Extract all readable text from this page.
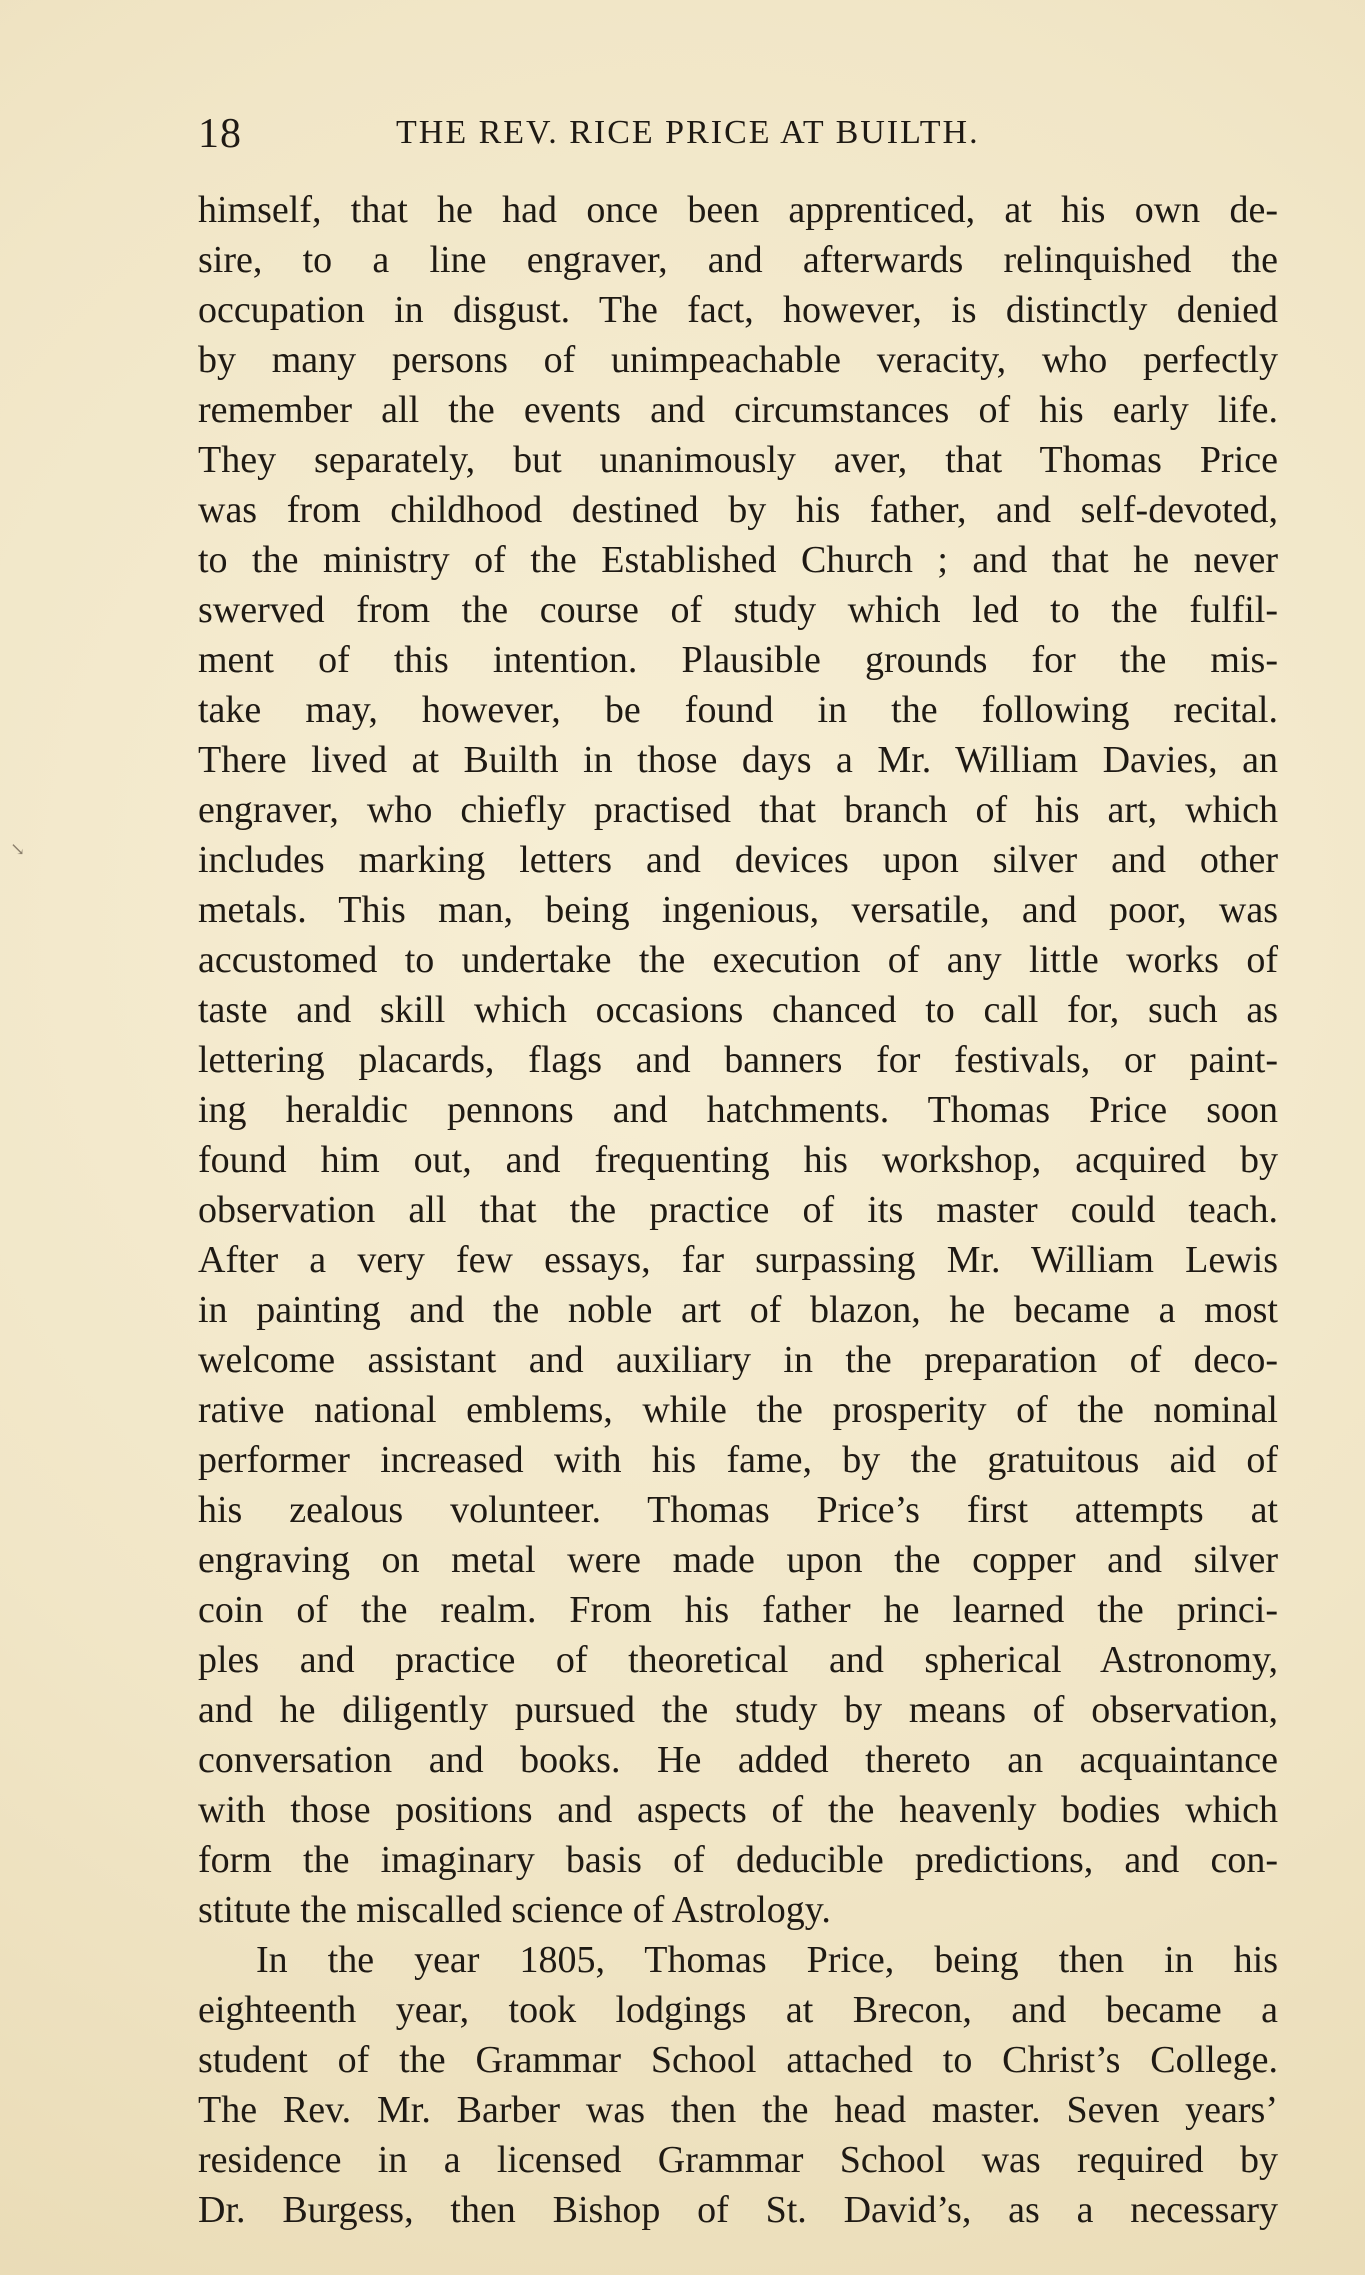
18	THE REV. RICE PRICE AT BUILTH.
↘
himself, that he had once been apprenticed, at his own de-
sire, to a line engraver, and afterwards relinquished the
occupation in disgust. The fact, however, is distinctly denied
by many persons of unimpeachable veracity, who perfectly
remember all the events and circumstances of his early life.
They separately, but unanimously aver, that Thomas Price
was from childhood destined by his father, and self-devoted,
to the ministry of the Established Church ; and that he never
swerved from the course of study which led to the fulfil-
ment of this intention. Plausible grounds for the mis-
take may, however, be found in the following recital.
There lived at Builth in those days a Mr. William Davies, an
engraver, who chiefly practised that branch of his art, which
includes marking letters and devices upon silver and other
metals. This man, being ingenious, versatile, and poor, was
accustomed to undertake the execution of any little works of
taste and skill which occasions chanced to call for, such as
lettering placards, flags and banners for festivals, or paint-
ing heraldic pennons and hatchments. Thomas Price soon
found him out, and frequenting his workshop, acquired by
observation all that the practice of its master could teach.
After a very few essays, far surpassing Mr. William Lewis
in painting and the noble art of blazon, he became a most
welcome assistant and auxiliary in the preparation of deco-
rative national emblems, while the prosperity of the nominal
performer increased with his fame, by the gratuitous aid of
his zealous volunteer. Thomas Price’s first attempts at
engraving on metal were made upon the copper and silver
coin of the realm. From his father he learned the princi-
ples and practice of theoretical and spherical Astronomy,
and he diligently pursued the study by means of observation,
conversation and books. He added thereto an acquaintance
with those positions and aspects of the heavenly bodies which
form the imaginary basis of deducible predictions, and con-
stitute the miscalled science of Astrology.
In the year 1805, Thomas Price, being then in his
eighteenth year, took lodgings at Brecon, and became a
student of the Grammar School attached to Christ’s College.
The Rev. Mr. Barber was then the head master. Seven years’
residence in a licensed Grammar School was required by
Dr. Burgess, then Bishop of St. David’s, as a necessary
